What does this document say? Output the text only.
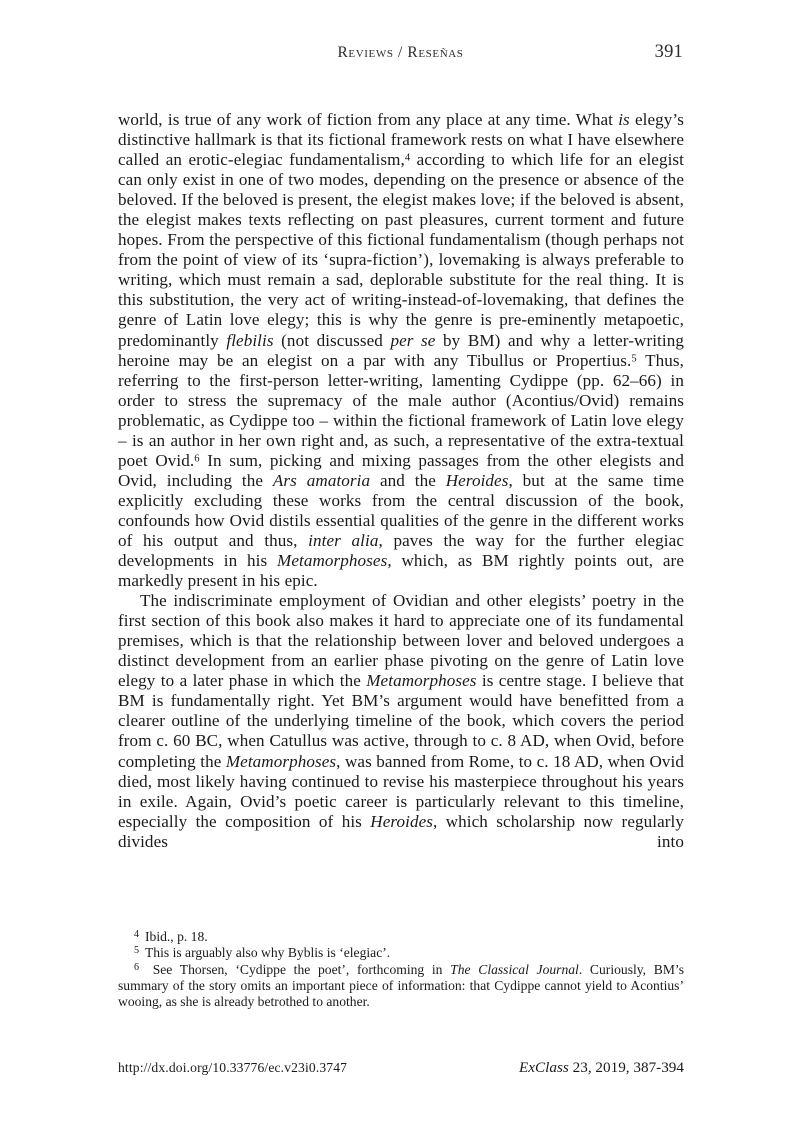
Reviews / Reseñas	391

world, is true of any work of fiction from any place at any time. What is elegy’s distinctive hallmark is that its fictional framework rests on what I have elsewhere called an erotic-elegiac fundamentalism,$^4$ according to which life for an elegist can only exist in one of two modes, depending on the presence or absence of the beloved. If the beloved is present, the elegist makes love; if the beloved is absent, the elegist makes texts reflecting on past pleasures, current torment and future hopes. From the perspective of this fictional fundamentalism (though perhaps not from the point of view of its ‘supra-fiction’), lovemaking is always preferable to writing, which must remain a sad, deplorable substitute for the real thing. It is this substitution, the very act of writing-instead-of-lovemaking, that defines the genre of Latin love elegy; this is why the genre is pre-eminently metapoetic, predominantly flebilis (not discussed per se by BM) and why a letter-writing heroine may be an elegist on a par with any Tibullus or Propertius.$^5$ Thus, referring to the first-person letter-writing, lamenting Cydippe (pp. 62–66) in order to stress the supremacy of the male author (Acontius/Ovid) remains problematic, as Cydippe too – within the fictional framework of Latin love elegy – is an author in her own right and, as such, a representative of the extra-textual poet Ovid.$^6$ In sum, picking and mixing passages from the other elegists and Ovid, including the Ars amatoria and the Heroides, but at the same time explicitly excluding these works from the central discussion of the book, confounds how Ovid distils essential qualities of the genre in the different works of his output and thus, inter alia, paves the way for the further elegiac developments in his Metamorphoses, which, as BM rightly points out, are markedly present in his epic.

The indiscriminate employment of Ovidian and other elegists’ poetry in the first section of this book also makes it hard to appreciate one of its fundamental premises, which is that the relationship between lover and beloved undergoes a distinct development from an earlier phase pivoting on the genre of Latin love elegy to a later phase in which the Metamorphoses is centre stage. I believe that BM is fundamentally right. Yet BM’s argument would have benefitted from a clearer outline of the underlying timeline of the book, which covers the period from c. 60 BC, when Catullus was active, through to c. 8 AD, when Ovid, before completing the Metamorphoses, was banned from Rome, to c. 18 AD, when Ovid died, most likely having continued to revise his masterpiece throughout his years in exile. Again, Ovid’s poetic career is particularly relevant to this timeline, especially the composition of his Heroides, which scholarship now regularly divides into

$^4$ Ibid., p. 18.

$^5$ This is arguably also why Byblis is ‘elegiac’.

$^6$ See Thorsen, ‘Cydippe the poet’, forthcoming in The Classical Journal. Curiously, BM’s summary of the story omits an important piece of information: that Cydippe cannot yield to Acontius’ wooing, as she is already betrothed to another.

http://dx.doi.org/10.33776/ec.v23i0.3747	ExClass 23, 2019, 387-394
